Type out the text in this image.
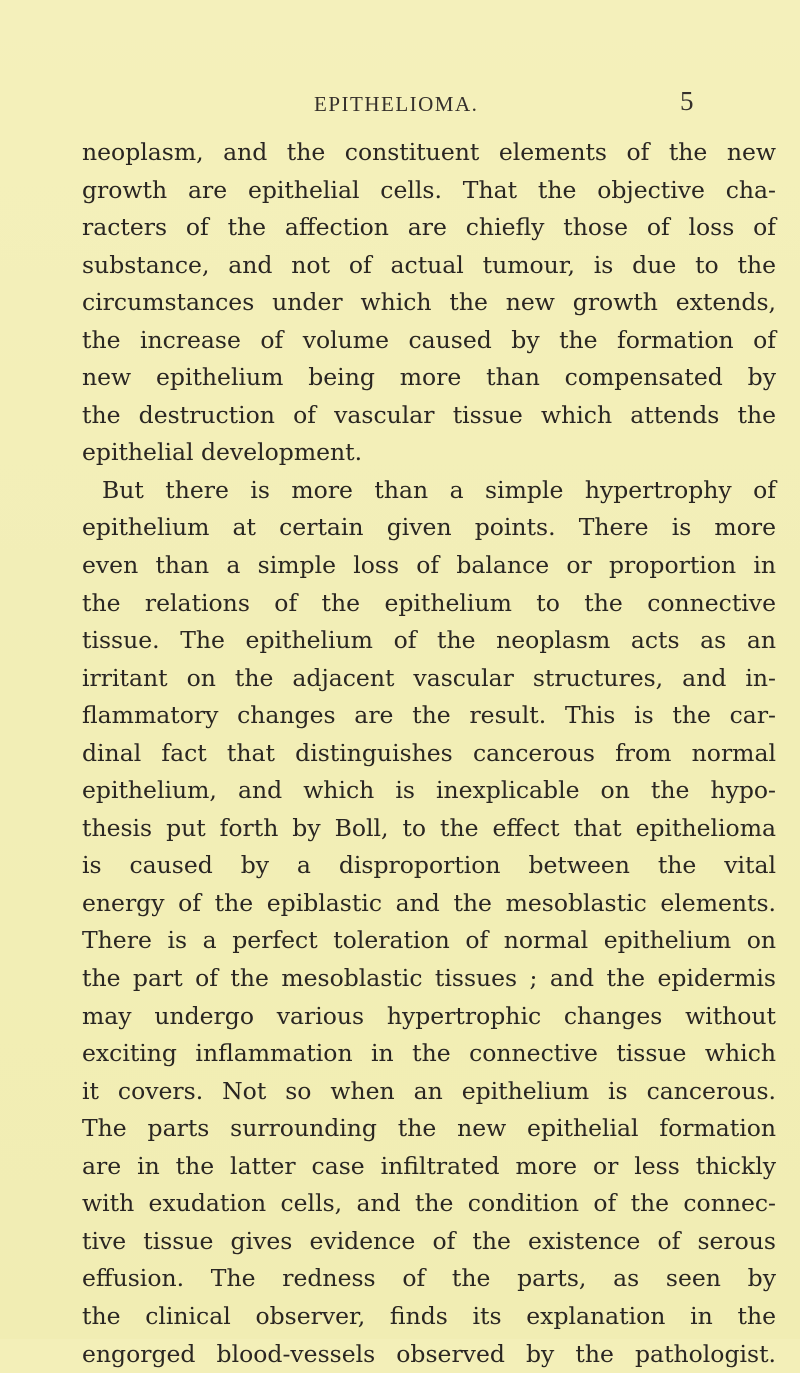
EPITHELIOMA.	5
neoplasm, and the constituent elements of the new
growth are epithelial cells. That the objective cha-
racters of the affection are chiefly those of loss of
substance, and not of actual tumour, is due to the
circumstances under which the new growth extends,
the increase of volume caused by the formation of
new epithelium being more than compensated by
the destruction of vascular tissue which attends the
epithelial development.
But there is more than a simple hypertrophy of
epithelium at certain given points. There is more
even than a simple loss of balance or proportion in
the relations of the epithelium to the connective
tissue. The epithelium of the neoplasm acts as an
irritant on the adjacent vascular structures, and in-
flammatory changes are the result. This is the car-
dinal fact that distinguishes cancerous from normal
epithelium, and which is inexplicable on the hypo-
thesis put forth by Boll, to the effect that epithelioma
is caused by a disproportion between the vital
energy of the epiblastic and the mesoblastic elements.
There is a perfect toleration of normal epithelium on
the part of the mesoblastic tissues ; and the epidermis
may undergo various hypertrophic changes without
exciting inflammation in the connective tissue which
it covers. Not so when an epithelium is cancerous.
The parts surrounding the new epithelial formation
are in the latter case infiltrated more or less thickly
with exudation cells, and the condition of the connec-
tive tissue gives evidence of the existence of serous
effusion. The redness of the parts, as seen by
the clinical observer, finds its explanation in the
engorged blood-vessels observed by the pathologist.
